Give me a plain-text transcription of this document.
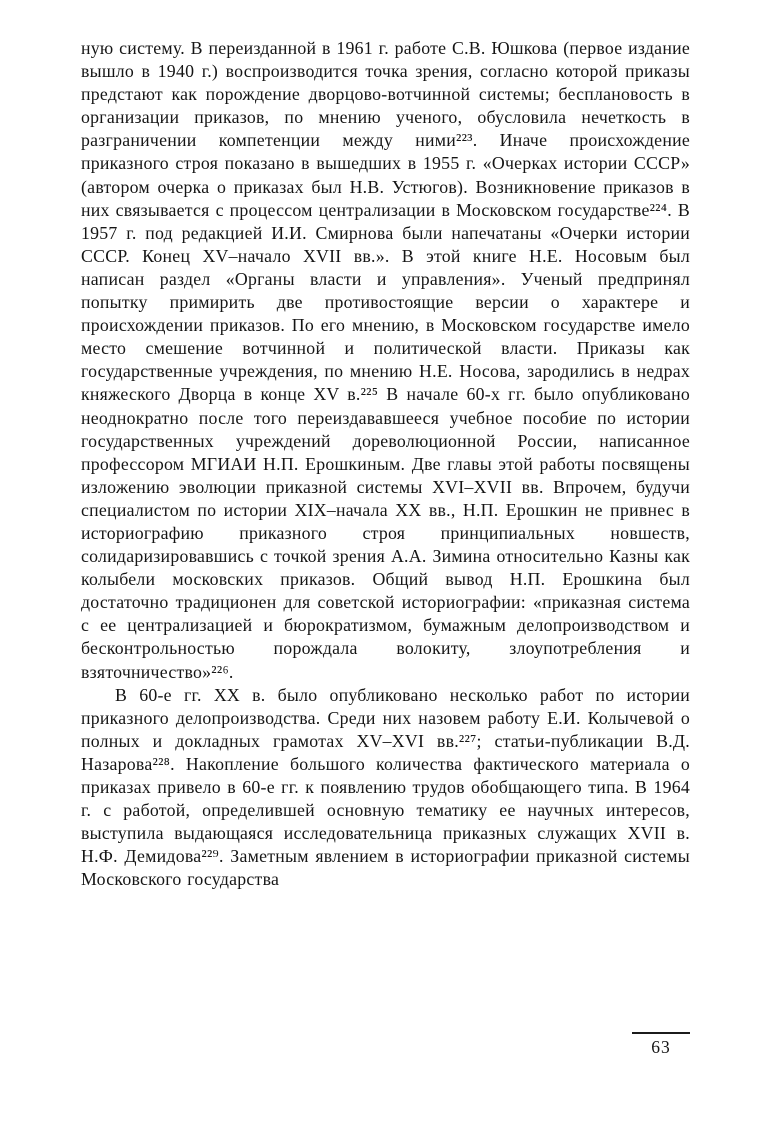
ную систему. В переизданной в 1961 г. работе С.В. Юшкова (первое издание вышло в 1940 г.) воспроизводится точка зрения, согласно которой приказы предстают как порождение дворцово-вотчинной системы; бесплановость в организации приказов, по мнению ученого, обусловила нечеткость в разграничении компетенции между ними²²³. Иначе происхождение приказного строя показано в вышедших в 1955 г. «Очерках истории СССР» (автором очерка о приказах был Н.В. Устюгов). Возникновение приказов в них связывается с процессом централизации в Московском государстве²²⁴. В 1957 г. под редакцией И.И. Смирнова были напечатаны «Очерки истории СССР. Конец XV–начало XVII вв.». В этой книге Н.Е. Носовым был написан раздел «Органы власти и управления». Ученый предпринял попытку примирить две противостоящие версии о характере и происхождении приказов. По его мнению, в Московском государстве имело место смешение вотчинной и политической власти. Приказы как государственные учреждения, по мнению Н.Е. Носова, зародились в недрах княжеского Дворца в конце XV в.²²⁵ В начале 60-х гг. было опубликовано неоднократно после того переиздававшееся учебное пособие по истории государственных учреждений дореволюционной России, написанное профессором МГИАИ Н.П. Ерошкиным. Две главы этой работы посвящены изложению эволюции приказной системы XVI–XVII вв. Впрочем, будучи специалистом по истории XIX–начала XX вв., Н.П. Ерошкин не привнес в историографию приказного строя принципиальных новшеств, солидаризировавшись с точкой зрения А.А. Зимина относительно Казны как колыбели московских приказов. Общий вывод Н.П. Ерошкина был достаточно традиционен для советской историографии: «приказная система с ее централизацией и бюрократизмом, бумажным делопроизводством и бесконтрольностью порождала волокиту, злоупотребления и взяточничество»²²⁶.

В 60-е гг. XX в. было опубликовано несколько работ по истории приказного делопроизводства. Среди них назовем работу Е.И. Колычевой о полных и докладных грамотах XV–XVI вв.²²⁷; статьи-публикации В.Д. Назарова²²⁸. Накопление большого количества фактического материала о приказах привело в 60-е гг. к появлению трудов обобщающего типа. В 1964 г. с работой, определившей основную тематику ее научных интересов, выступила выдающаяся исследовательница приказных служащих XVII в. Н.Ф. Демидова²²⁹. Заметным явлением в историографии приказной системы Московского государства

63
